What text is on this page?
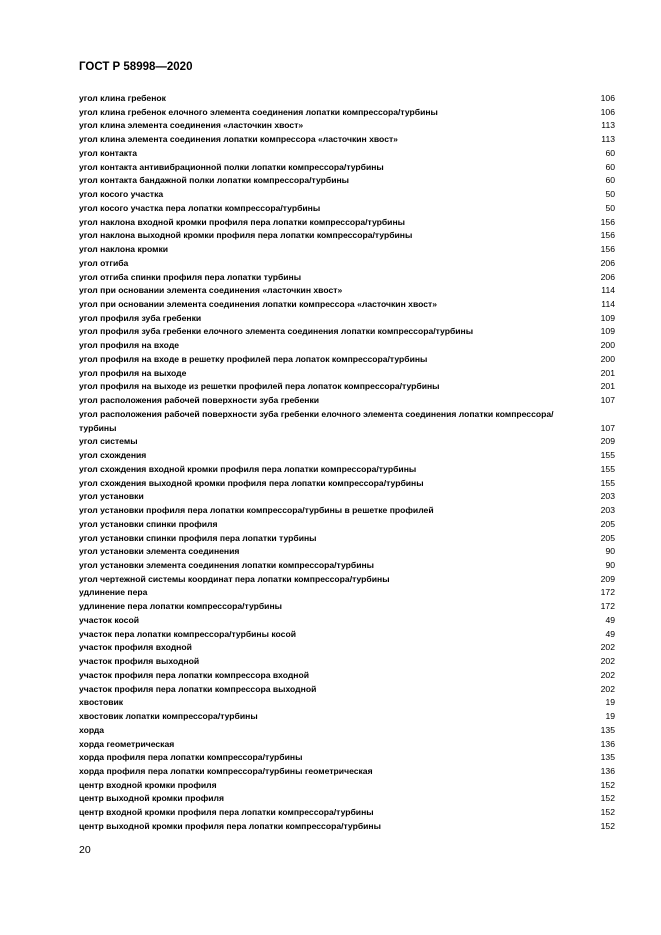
ГОСТ Р 58998—2020
угол клина гребенок	106
угол клина гребенок елочного элемента соединения лопатки компрессора/турбины	106
угол клина элемента соединения «ласточкин хвост»	113
угол клина элемента соединения лопатки компрессора «ласточкин хвост»	113
угол контакта	60
угол контакта антивибрационной полки лопатки компрессора/турбины	60
угол контакта бандажной полки лопатки компрессора/турбины	60
угол косого участка	50
угол косого участка пера лопатки компрессора/турбины	50
угол наклона входной кромки профиля пера лопатки компрессора/турбины	156
угол наклона выходной кромки профиля пера лопатки компрессора/турбины	156
угол наклона кромки	156
угол отгиба	206
угол отгиба спинки профиля пера лопатки турбины	206
угол при основании элемента соединения «ласточкин хвост»	114
угол при основании элемента соединения лопатки компрессора «ласточкин хвост»	114
угол профиля зуба гребенки	109
угол профиля зуба гребенки елочного элемента соединения лопатки компрессора/турбины	109
угол профиля на входе	200
угол профиля на входе в решетку профилей пера лопаток компрессора/турбины	200
угол профиля на выходе	201
угол профиля на выходе из решетки профилей пера лопаток компрессора/турбины	201
угол расположения рабочей поверхности зуба гребенки	107
угол расположения рабочей поверхности зуба гребенки елочного элемента соединения лопатки компрессора/турбины	107
угол системы	209
угол схождения	155
угол схождения входной кромки профиля пера лопатки компрессора/турбины	155
угол схождения выходной кромки профиля пера лопатки компрессора/турбины	155
угол установки	203
угол установки профиля пера лопатки компрессора/турбины в решетке профилей	203
угол установки спинки профиля	205
угол установки спинки профиля пера лопатки турбины	205
угол установки элемента соединения	90
угол установки элемента соединения лопатки компрессора/турбины	90
угол чертежной системы координат пера лопатки компрессора/турбины	209
удлинение пера	172
удлинение пера лопатки компрессора/турбины	172
участок косой	49
участок пера лопатки компрессора/турбины косой	49
участок профиля входной	202
участок профиля выходной	202
участок профиля пера лопатки компрессора входной	202
участок профиля пера лопатки компрессора выходной	202
хвостовик	19
хвостовик лопатки компрессора/турбины	19
хорда	135
хорда геометрическая	136
хорда профиля пера лопатки компрессора/турбины	135
хорда профиля пера лопатки компрессора/турбины геометрическая	136
центр входной кромки профиля	152
центр выходной кромки профиля	152
центр входной кромки профиля пера лопатки компрессора/турбины	152
центр выходной кромки профиля пера лопатки компрессора/турбины	152
20
